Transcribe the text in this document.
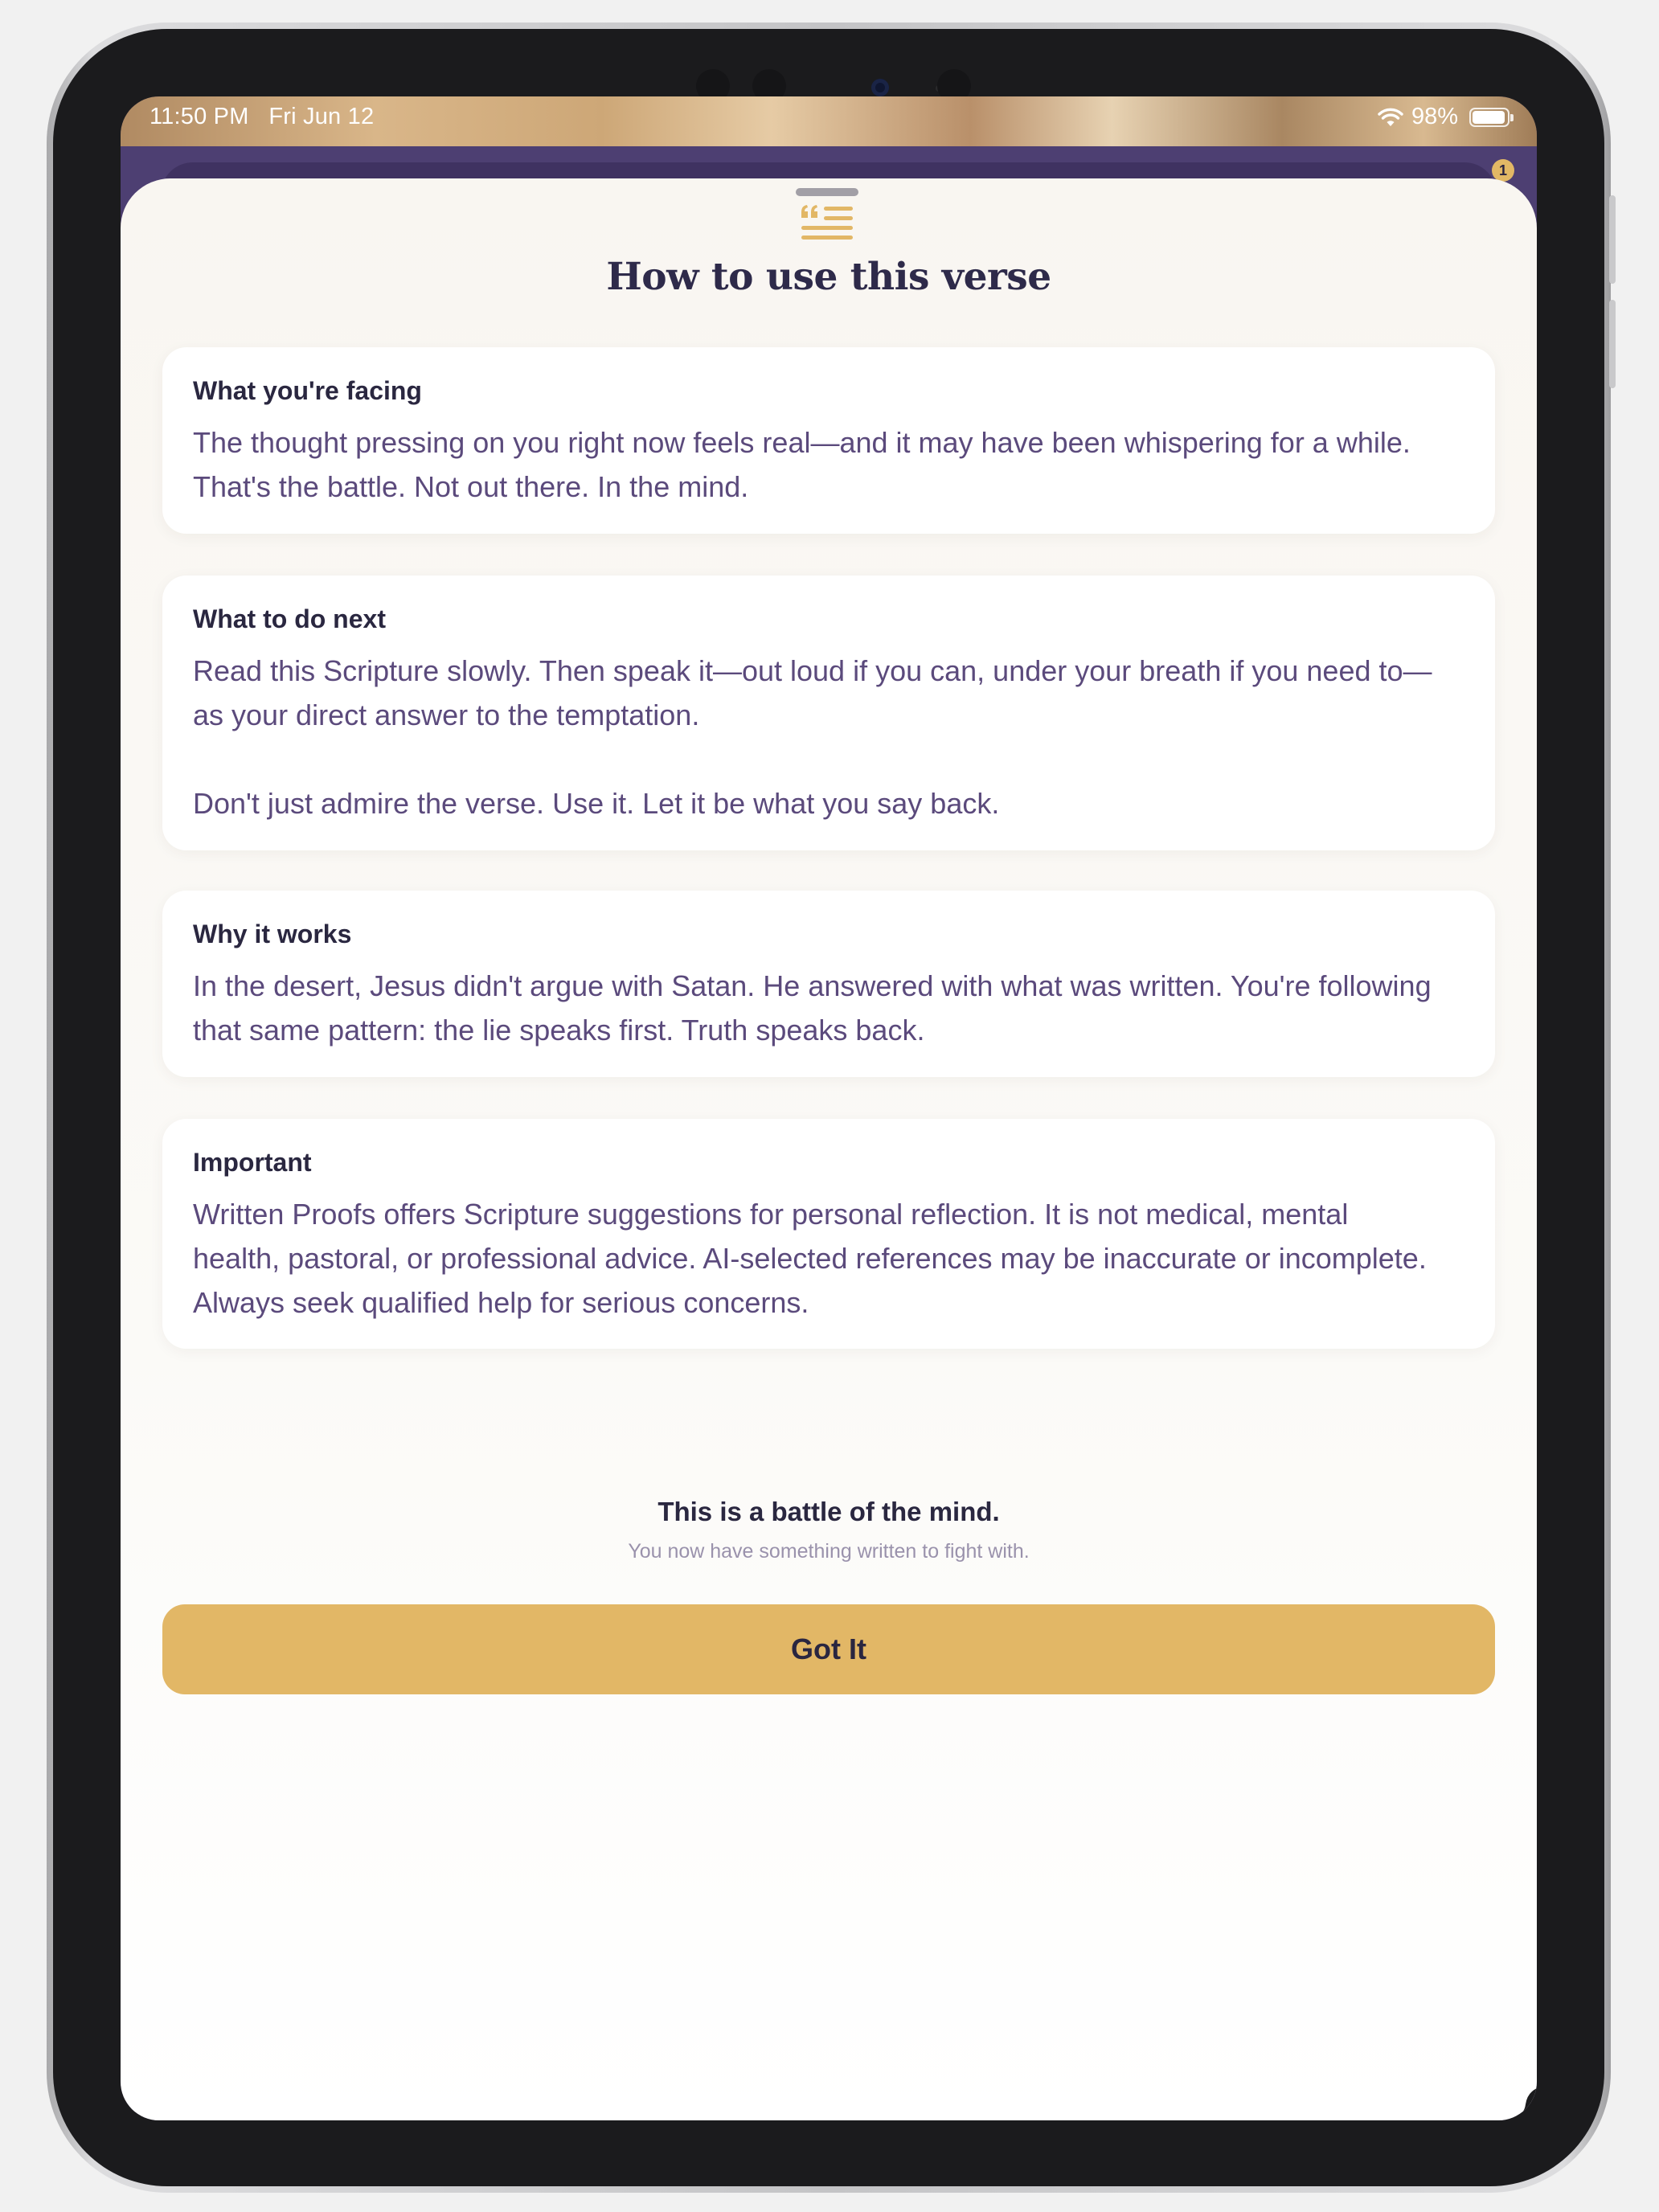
11:50 PM Fri Jun 12	98%
1
How to use this verse
What you're facing
The thought pressing on you right now feels real—and it may have been whispering for a while.
That's the battle. Not out there. In the mind.
What to do next
Read this Scripture slowly. Then speak it—out loud if you can, under your breath if you need to—
as your direct answer to the temptation.

Don't just admire the verse. Use it. Let it be what you say back.
Why it works
In the desert, Jesus didn't argue with Satan. He answered with what was written. You're following
that same pattern: the lie speaks first. Truth speaks back.
Important
Written Proofs offers Scripture suggestions for personal reflection. It is not medical, mental
health, pastoral, or professional advice. AI-selected references may be inaccurate or incomplete.
Always seek qualified help for serious concerns.
This is a battle of the mind.
You now have something written to fight with.
Got It
